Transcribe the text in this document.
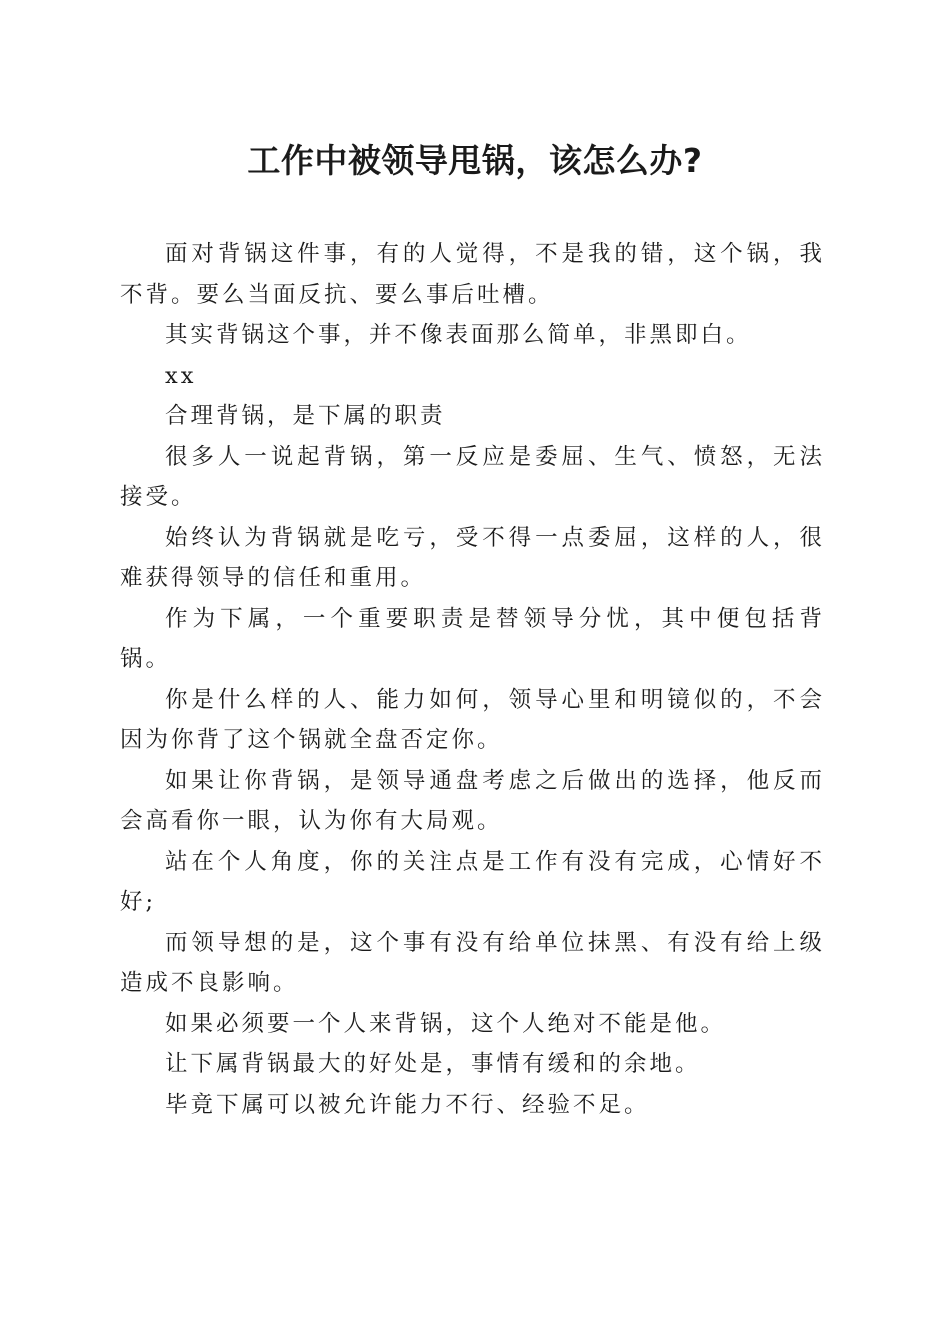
工作中被领导甩锅，该怎么办?

面对背锅这件事，有的人觉得，不是我的错，这个锅，我不背。要么当面反抗、要么事后吐槽。

其实背锅这个事，并不像表面那么简单，非黑即白。

xx

合理背锅，是下属的职责

很多人一说起背锅，第一反应是委屈、生气、愤怒，无法接受。

始终认为背锅就是吃亏，受不得一点委屈，这样的人，很难获得领导的信任和重用。

作为下属，一个重要职责是替领导分忧，其中便包括背锅。

你是什么样的人、能力如何，领导心里和明镜似的，不会因为你背了这个锅就全盘否定你。

如果让你背锅，是领导通盘考虑之后做出的选择，他反而会高看你一眼，认为你有大局观。

站在个人角度，你的关注点是工作有没有完成，心情好不好;

而领导想的是，这个事有没有给单位抹黑、有没有给上级造成不良影响。

如果必须要一个人来背锅，这个人绝对不能是他。

让下属背锅最大的好处是，事情有缓和的余地。

毕竟下属可以被允许能力不行、经验不足。
